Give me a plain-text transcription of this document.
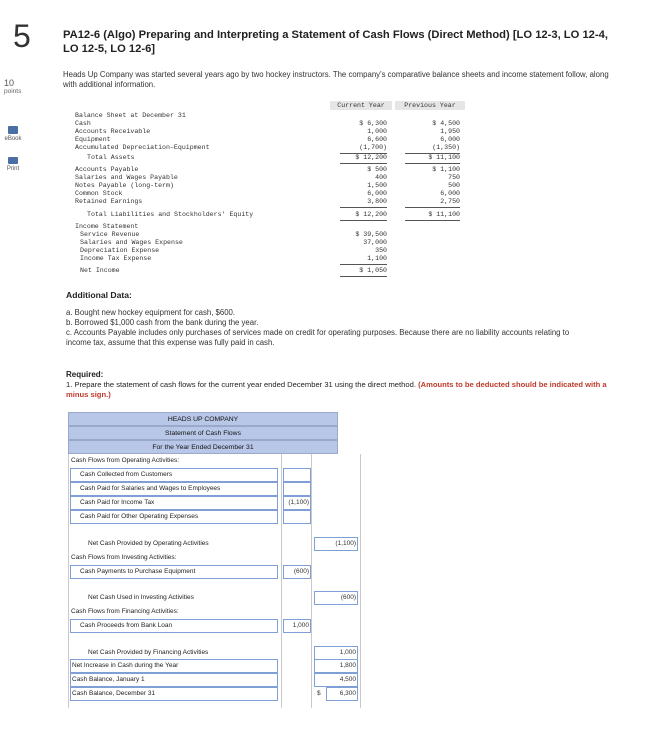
5
10
points
eBook
Print
PA12-6 (Algo) Preparing and Interpreting a Statement of Cash Flows (Direct Method) [LO 12-3, LO 12-4, LO 12-5, LO 12-6]
Heads Up Company was started several years ago by two hockey instructors. The company's comparative balance sheets and income statement follow, along with additional information.
Current Year	Previous Year
Balance Sheet at December 31
Cash	$ 6,300	$ 4,500
Accounts Receivable	1,000	1,950
Equipment	6,600	6,000
Accumulated Depreciation–Equipment	(1,700)	(1,350)
Total Assets	$ 12,200	$ 11,100
Accounts Payable	$ 500	$ 1,100
Salaries and Wages Payable	400	750
Notes Payable (long-term)	1,500	500
Common Stock	6,000	6,000
Retained Earnings	3,800	2,750
Total Liabilities and Stockholders' Equity	$ 12,200	$ 11,100
Income Statement
Service Revenue	$ 39,500
Salaries and Wages Expense	37,000
Depreciation Expense	350
Income Tax Expense	1,100
Net Income	$ 1,050
Additional Data:
a. Bought new hockey equipment for cash, $600.
b. Borrowed $1,000 cash from the bank during the year.
c. Accounts Payable includes only purchases of services made on credit for operating purposes. Because there are no liability accounts relating to income tax, assume that this expense was fully paid in cash.
Required:
1. Prepare the statement of cash flows for the current year ended December 31 using the direct method. (Amounts to be deducted should be indicated with a minus sign.)
HEADS UP COMPANY
Statement of Cash Flows
For the Year Ended December 31
Cash Flows from Operating Activities:
Cash Collected from Customers
Cash Paid for Salaries and Wages to Employees
Cash Paid for Income Tax	(1,100)
Cash Paid for Other Operating Expenses
Net Cash Provided by Operating Activities	(1,100)
Cash Flows from Investing Activities:
Cash Payments to Purchase Equipment	(600)
Net Cash Used in Investing Activities	(600)
Cash Flows from Financing Activities:
Cash Proceeds from Bank Loan	1,000
Net Cash Provided by Financing Activities	1,000
Net Increase in Cash during the Year	1,800
Cash Balance, January 1	4,500
Cash Balance, December 31	$	6,300
